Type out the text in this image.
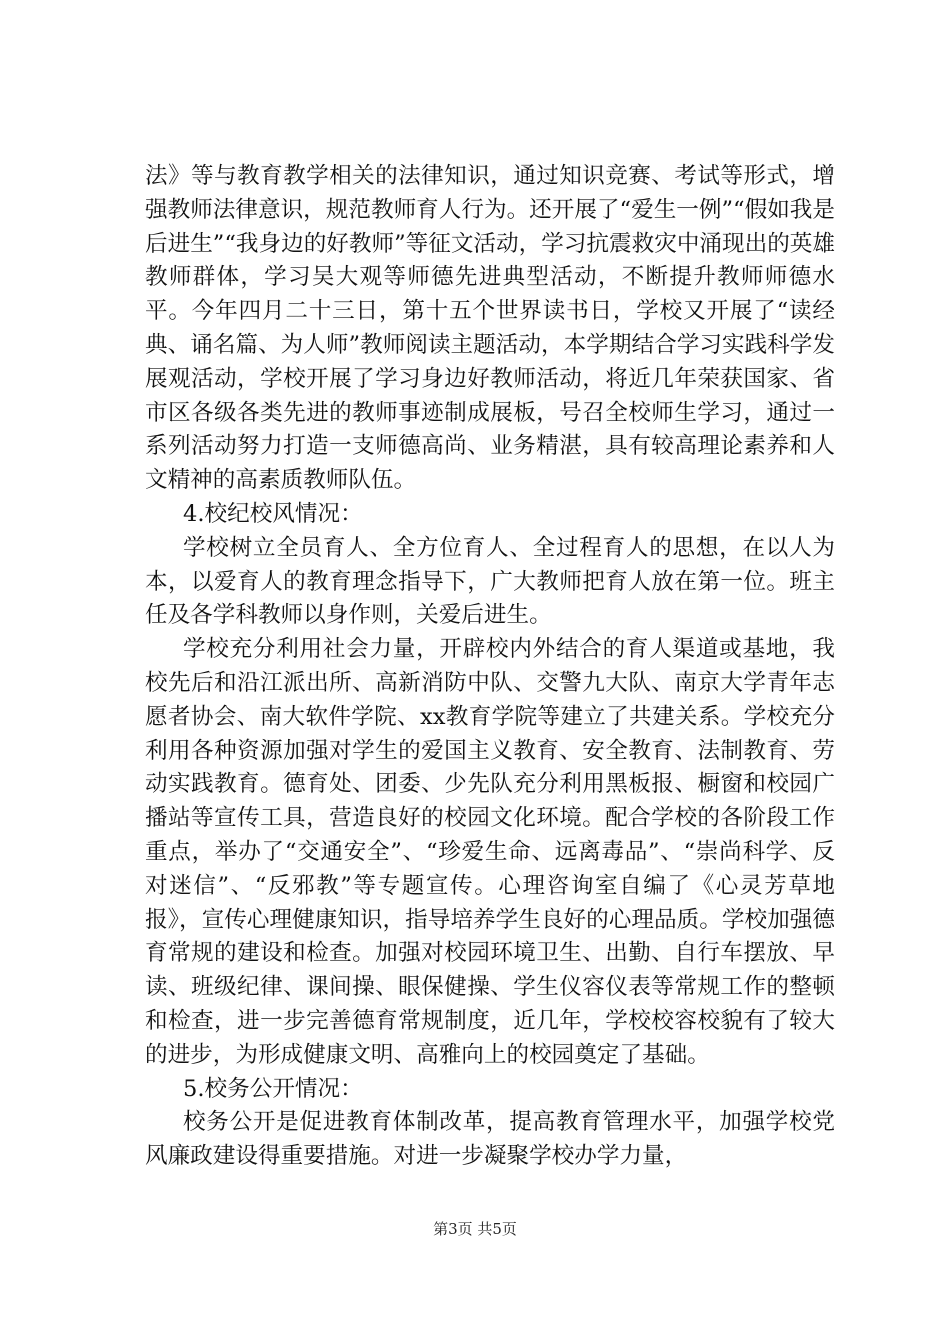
法》等与教育教学相关的法律知识，通过知识竞赛、考试等形式，增强教师法律意识，规范教师育人行为。还开展了“爱生一例”“假如我是后进生”“我身边的好教师”等征文活动，学习抗震救灾中涌现出的英雄教师群体，学习吴大观等师德先进典型活动，不断提升教师师德水平。今年四月二十三日，第十五个世界读书日，学校又开展了“读经典、诵名篇、为人师”教师阅读主题活动，本学期结合学习实践科学发展观活动，学校开展了学习身边好教师活动，将近几年荣获国家、省市区各级各类先进的教师事迹制成展板，号召全校师生学习，通过一系列活动努力打造一支师德高尚、业务精湛，具有较高理论素养和人文精神的高素质教师队伍。

4.校纪校风情况：

学校树立全员育人、全方位育人、全过程育人的思想，在以人为本，以爱育人的教育理念指导下，广大教师把育人放在第一位。班主任及各学科教师以身作则，关爱后进生。

学校充分利用社会力量，开辟校内外结合的育人渠道或基地，我校先后和沿江派出所、高新消防中队、交警九大队、南京大学青年志愿者协会、南大软件学院、xx教育学院等建立了共建关系。学校充分利用各种资源加强对学生的爱国主义教育、安全教育、法制教育、劳动实践教育。德育处、团委、少先队充分利用黑板报、橱窗和校园广播站等宣传工具，营造良好的校园文化环境。配合学校的各阶段工作重点，举办了“交通安全”、“珍爱生命、远离毒品”、“崇尚科学、反对迷信”、“反邪教”等专题宣传。心理咨询室自编了《心灵芳草地报》，宣传心理健康知识，指导培养学生良好的心理品质。学校加强德育常规的建设和检查。加强对校园环境卫生、出勤、自行车摆放、早读、班级纪律、课间操、眼保健操、学生仪容仪表等常规工作的整顿和检查，进一步完善德育常规制度，近几年，学校校容校貌有了较大的进步，为形成健康文明、高雅向上的校园奠定了基础。

5.校务公开情况：

校务公开是促进教育体制改革，提高教育管理水平，加强学校党风廉政建设得重要措施。对进一步凝聚学校办学力量，

第3页 共5页
